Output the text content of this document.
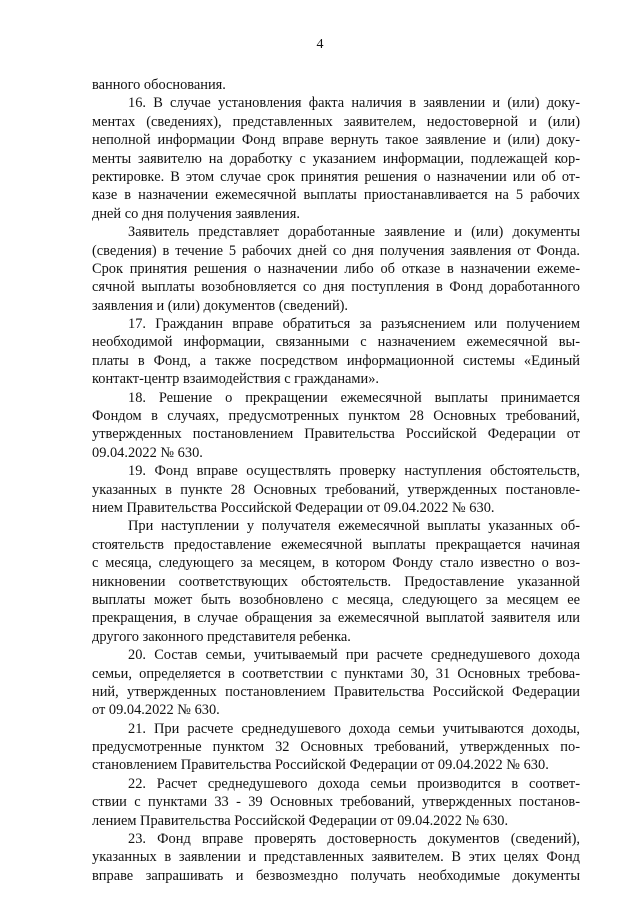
4
ванного обоснования.
16. В случае установления факта наличия в заявлении и (или) доку-
ментах (сведениях), представленных заявителем, недостоверной и (или)
неполной информации Фонд вправе вернуть такое заявление и (или) доку-
менты заявителю на доработку с указанием информации, подлежащей кор-
ректировке. В этом случае срок принятия решения о назначении или об от-
казе в назначении ежемесячной выплаты приостанавливается на 5 рабочих
дней со дня получения заявления.
Заявитель представляет доработанные заявление и (или) документы
(сведения) в течение 5 рабочих дней со дня получения заявления от Фонда.
Срок принятия решения о назначении либо об отказе в назначении ежеме-
сячной выплаты возобновляется со дня поступления в Фонд доработанного
заявления и (или) документов (сведений).
17. Гражданин вправе обратиться за разъяснением или получением
необходимой информации, связанными с назначением ежемесячной вы-
платы в Фонд, а также посредством информационной системы «Единый
контакт-центр взаимодействия с гражданами».
18. Решение о прекращении ежемесячной выплаты принимается
Фондом в случаях, предусмотренных пунктом 28 Основных требований,
утвержденных постановлением Правительства Российской Федерации от
09.04.2022 № 630.
19. Фонд вправе осуществлять проверку наступления обстоятельств,
указанных в пункте 28 Основных требований, утвержденных постановле-
нием Правительства Российской Федерации от 09.04.2022 № 630.
При наступлении у получателя ежемесячной выплаты указанных об-
стоятельств предоставление ежемесячной выплаты прекращается начиная
с месяца, следующего за месяцем, в котором Фонду стало известно о воз-
никновении соответствующих обстоятельств. Предоставление указанной
выплаты может быть возобновлено с месяца, следующего за месяцем ее
прекращения, в случае обращения за ежемесячной выплатой заявителя или
другого законного представителя ребенка.
20. Состав семьи, учитываемый при расчете среднедушевого дохода
семьи, определяется в соответствии с пунктами 30, 31 Основных требова-
ний, утвержденных постановлением Правительства Российской Федерации
от 09.04.2022 № 630.
21. При расчете среднедушевого дохода семьи учитываются доходы,
предусмотренные пунктом 32 Основных требований, утвержденных по-
становлением Правительства Российской Федерации от 09.04.2022 № 630.
22. Расчет среднедушевого дохода семьи производится в соответ-
ствии с пунктами 33 - 39 Основных требований, утвержденных постанов-
лением Правительства Российской Федерации от 09.04.2022 № 630.
23. Фонд вправе проверять достоверность документов (сведений),
указанных в заявлении и представленных заявителем. В этих целях Фонд
вправе запрашивать и безвозмездно получать необходимые документы
